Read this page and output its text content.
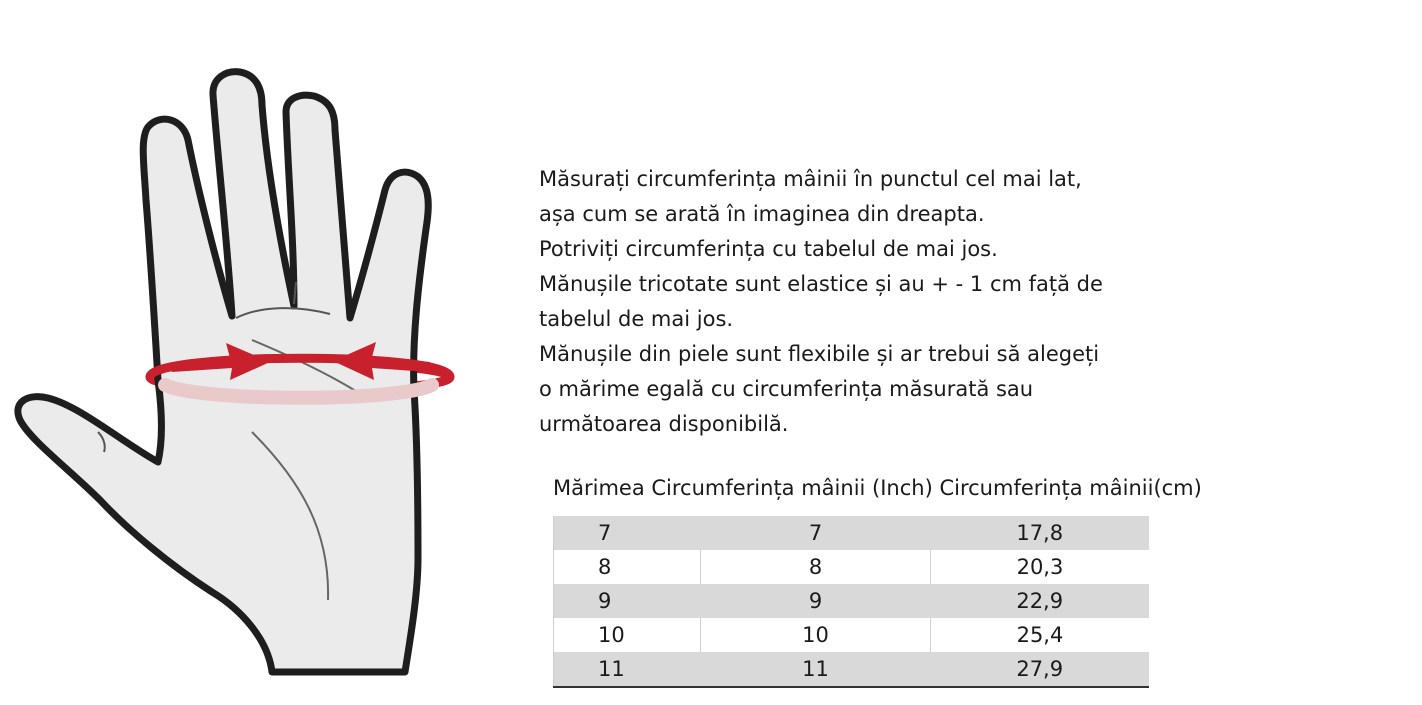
Măsurați circumferința mâinii în punctul cel mai lat,

așa cum se arată în imaginea din dreapta.

Potriviți circumferința cu tabelul de mai jos.

Mănușile tricotate sunt elastice și au + - 1 cm față de

tabelul de mai jos.

Mănușile din piele sunt flexibile și ar trebui să alegeți

o mărime egală cu circumferința măsurată sau

următoarea disponibilă.

Mărimea Circumferința mâinii (Inch) Circumferința mâinii(cm)
7	7	17,8
8	8	20,3
9	9	22,9
10	10	25,4
11	11	27,9
